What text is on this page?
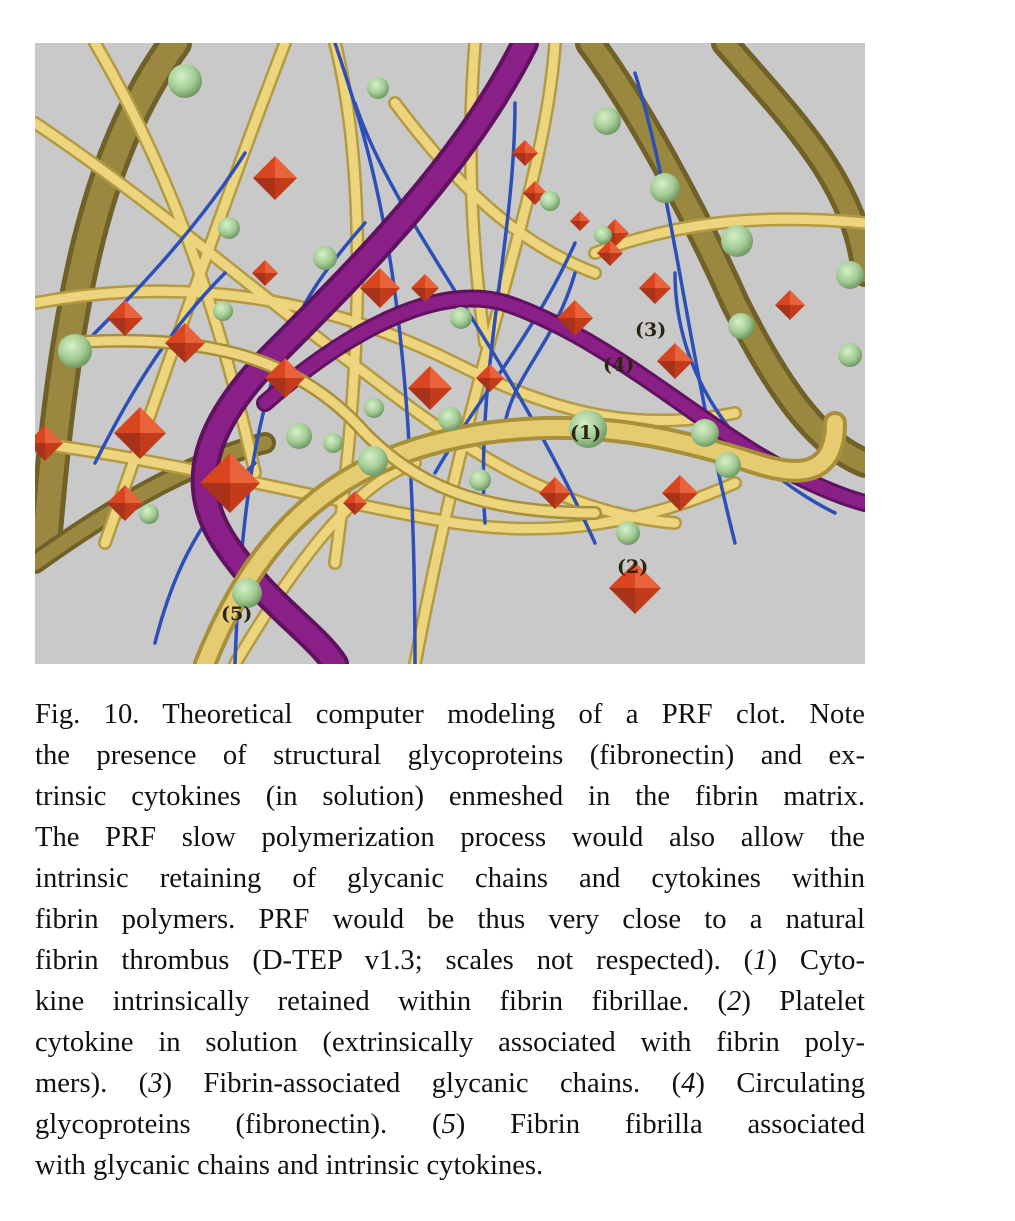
(1)
(2)
(3)
(4)
(5)

Fig. 10. Theoretical computer modeling of a PRF clot. Note
the presence of structural glycoproteins (fibronectin) and ex-
trinsic cytokines (in solution) enmeshed in the fibrin matrix.
The PRF slow polymerization process would also allow the
intrinsic retaining of glycanic chains and cytokines within
fibrin polymers. PRF would be thus very close to a natural
fibrin thrombus (D-TEP v1.3; scales not respected). (1) Cyto-
kine intrinsically retained within fibrin fibrillae. (2) Platelet
cytokine in solution (extrinsically associated with fibrin poly-
mers). (3) Fibrin-associated glycanic chains. (4) Circulating
glycoproteins (fibronectin). (5) Fibrin fibrilla associated
with glycanic chains and intrinsic cytokines.
